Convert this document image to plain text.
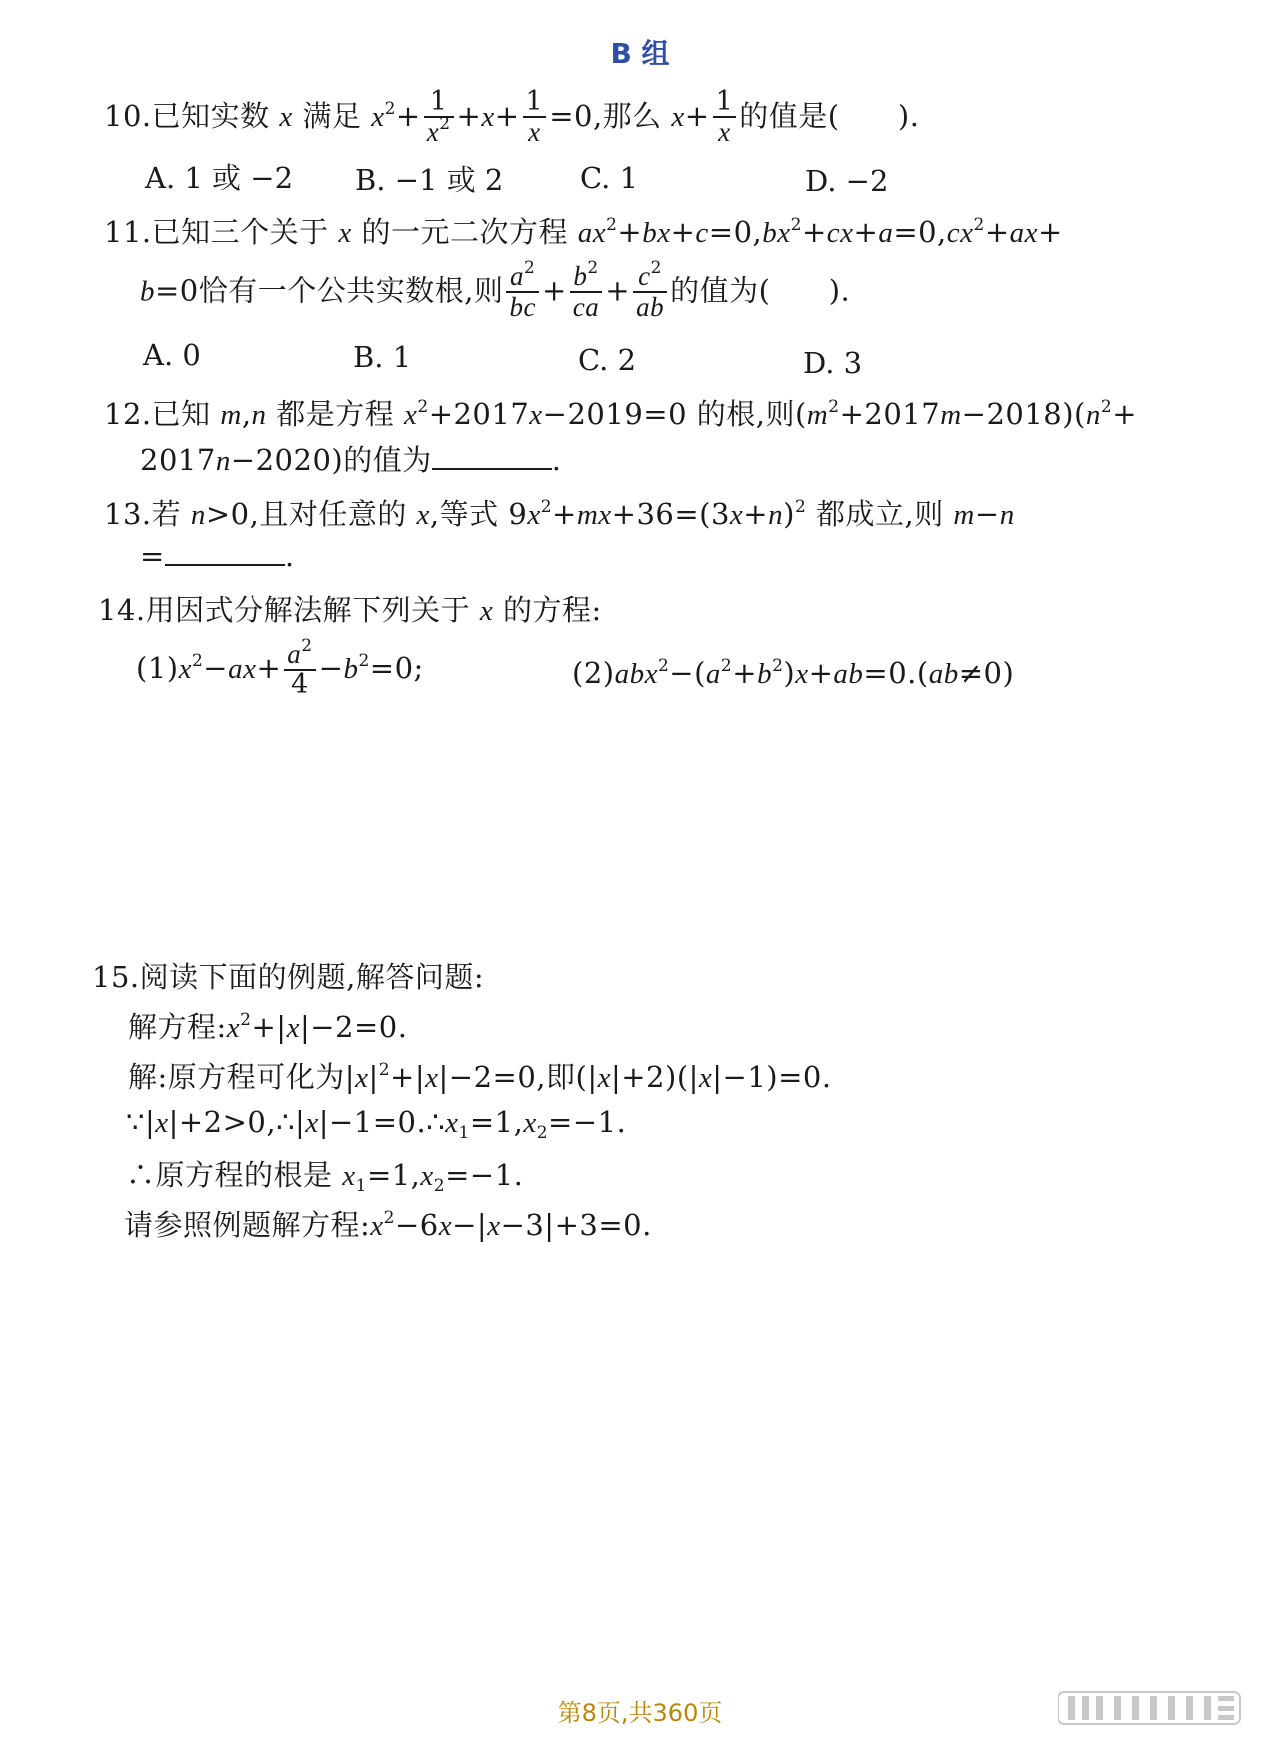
B 组
10.已知实数 x 满足 $x^2+ \frac{1}{x^2} +x+ \frac{1}{x} =0$,那么 $x+ \frac{1}{x}$ 的值是( ).
A. 1 或 −2 B. −1 或 2	C. 1	D. −2
11.已知三个关于 x 的一元二次方程 $ax^2+bx+c=0,bx^2+cx+a=0,cx^2+ax+$
b=0恰有一个公共实数根,则 $\frac{a^2}{bc} + \frac{b^2}{ca} + \frac{c^2}{ab}$ 的值为( ).
A. 0	B. 1	C. 2	D. 3
12.已知 m,n 都是方程 $x^2+2017x-2019=0$ 的根,则$(m^2+2017m-2018)(n^2+$
2017n−2020)的值为	.
13.若 n>0,且对任意的 x,等式 $9x^2+mx+36=(3x+n)^2$ 都成立,则 m−n
=	.
14.用因式分解法解下列关于 x 的方程:
$(1)x^2-ax+ \frac{a^2}{4} -b^2=0$;	$(2)abx^2-(a^2+b^2)x+ab=0.(ab\ne 0)$
15.阅读下面的例题,解答问题:
解方程$:x^2+|x|-2=0$.
解:原方程可化为$|x|^2+|x|-2=0$,即(|x|+2)(|x|−1)=0.
$\because|x|+2>0,\therefore|x|-1=0.\therefore x_1=1,x_2=-1$.
∴原方程的根是 $x_1=1,x_2=-1$.
请参照例题解方程$:x^2-6x-|x-3|+3=0$.
第8页,共360页
